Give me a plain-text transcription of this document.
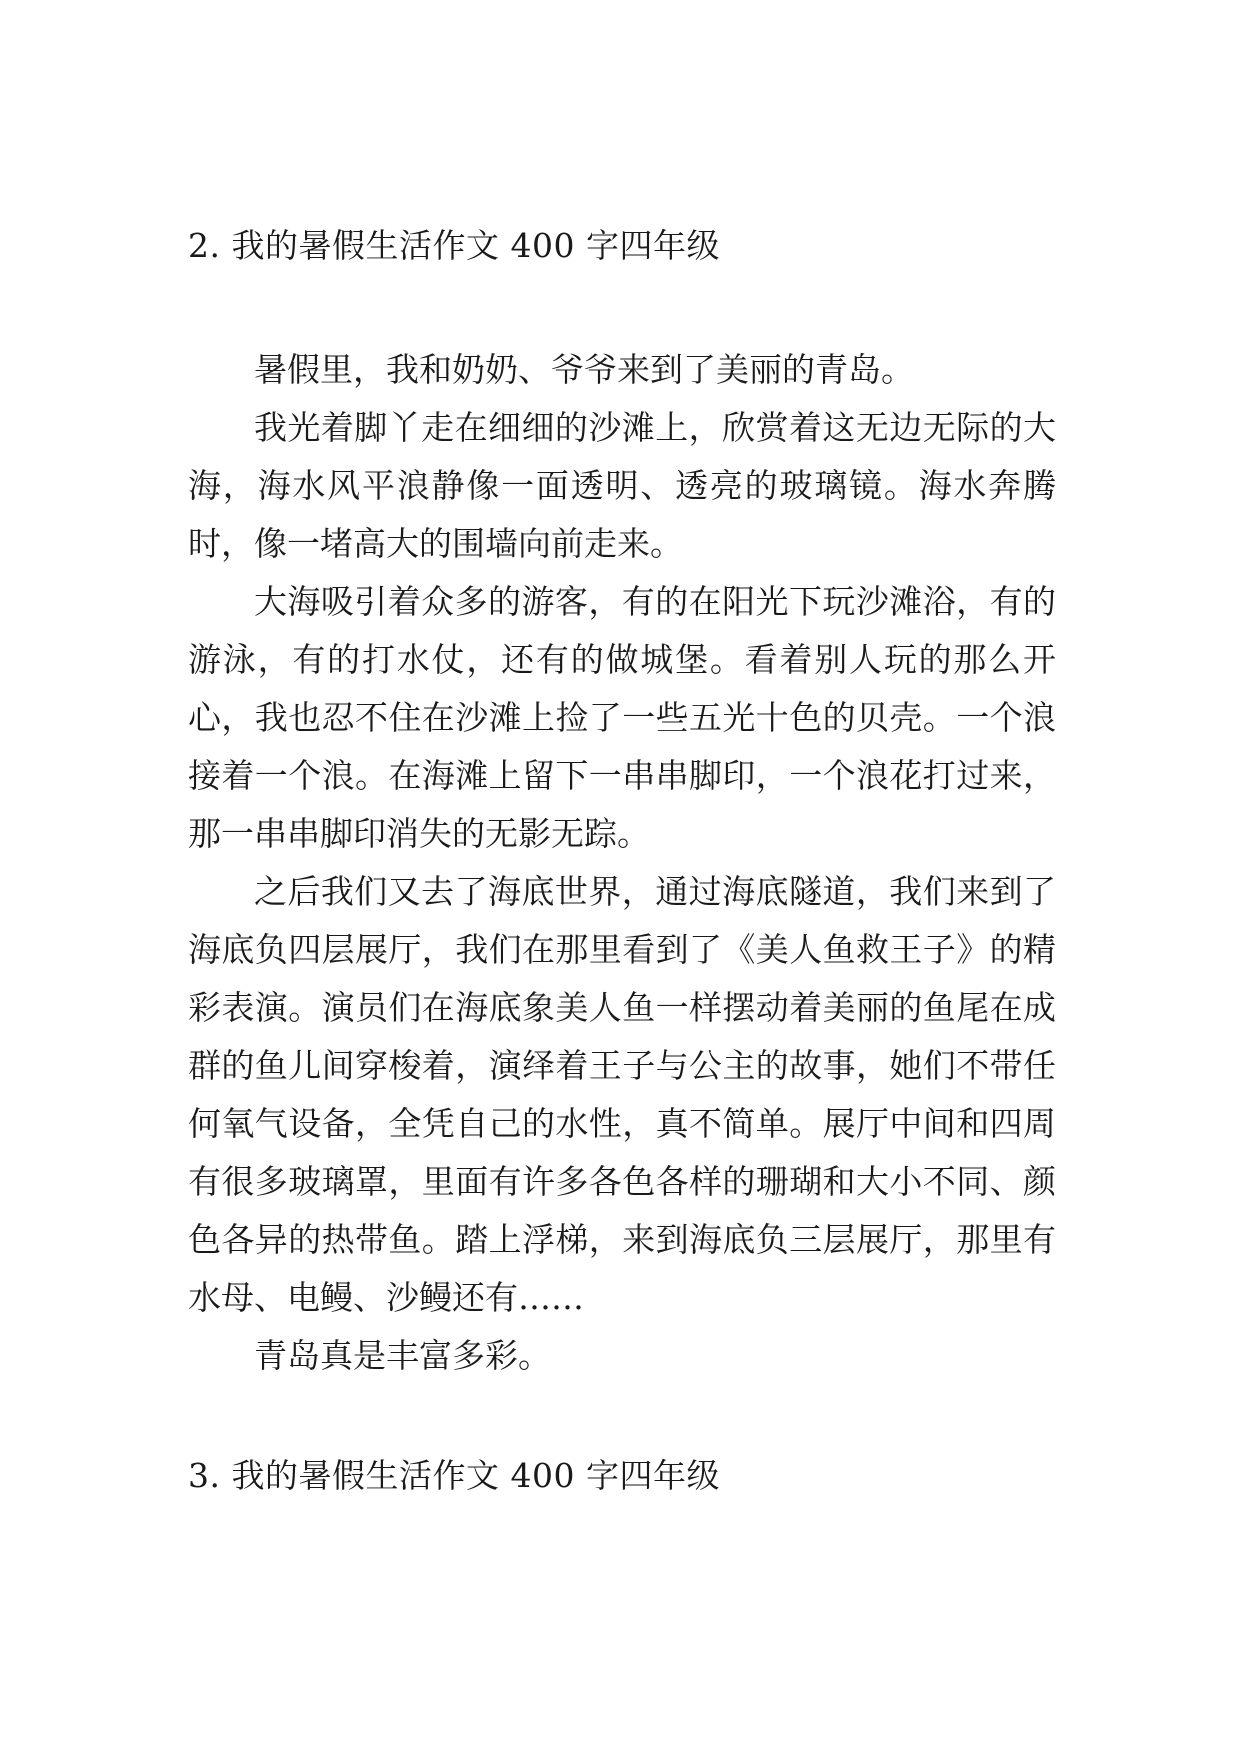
2. 我的暑假生活作文 400 字四年级

暑假里，我和奶奶、爷爷来到了美丽的青岛。

我光着脚丫走在细细的沙滩上，欣赏着这无边无际的大海，海水风平浪静像一面透明、透亮的玻璃镜。海水奔腾时，像一堵高大的围墙向前走来。

大海吸引着众多的游客，有的在阳光下玩沙滩浴，有的游泳，有的打水仗，还有的做城堡。看着别人玩的那么开心，我也忍不住在沙滩上捡了一些五光十色的贝壳。一个浪接着一个浪。在海滩上留下一串串脚印，一个浪花打过来，那一串串脚印消失的无影无踪。

之后我们又去了海底世界，通过海底隧道，我们来到了海底负四层展厅，我们在那里看到了《美人鱼救王子》的精彩表演。演员们在海底象美人鱼一样摆动着美丽的鱼尾在成群的鱼儿间穿梭着，演绎着王子与公主的故事，她们不带任何氧气设备，全凭自己的水性，真不简单。展厅中间和四周有很多玻璃罩，里面有许多各色各样的珊瑚和大小不同、颜色各异的热带鱼。踏上浮梯，来到海底负三层展厅，那里有水母、电鳗、沙鳗还有……

青岛真是丰富多彩。

3. 我的暑假生活作文 400 字四年级
